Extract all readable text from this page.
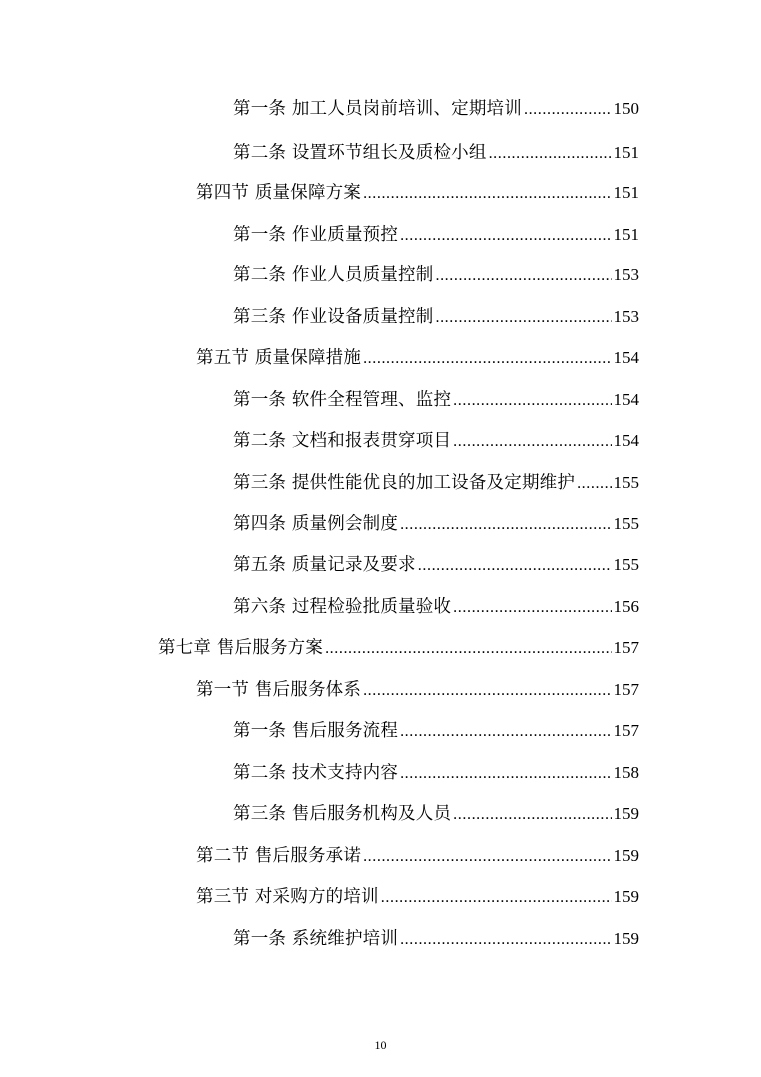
第一条 加工人员岗前培训、定期培训 .....	150
第二条 设置环节组长及质检小组 .....	151
第四节 质量保障方案 .....	151
第一条 作业质量预控 .....	151
第二条 作业人员质量控制 .....	153
第三条 作业设备质量控制 .....	153
第五节 质量保障措施 .....	154
第一条 软件全程管理、监控 .....	154
第二条 文档和报表贯穿项目 .....	154
第三条 提供性能优良的加工设备及定期维护 ..... 155
第四条 质量例会制度 .....	155
第五条 质量记录及要求 .....	155
第六条 过程检验批质量验收 .....	156
第七章 售后服务方案 .....	157
第一节 售后服务体系 .....	157
第一条 售后服务流程 .....	157
第二条 技术支持内容 .....	158
第三条 售后服务机构及人员 .....	159
第二节 售后服务承诺 .....	159
第三节 对采购方的培训 .....	159
第一条 系统维护培训 .....	159
10
